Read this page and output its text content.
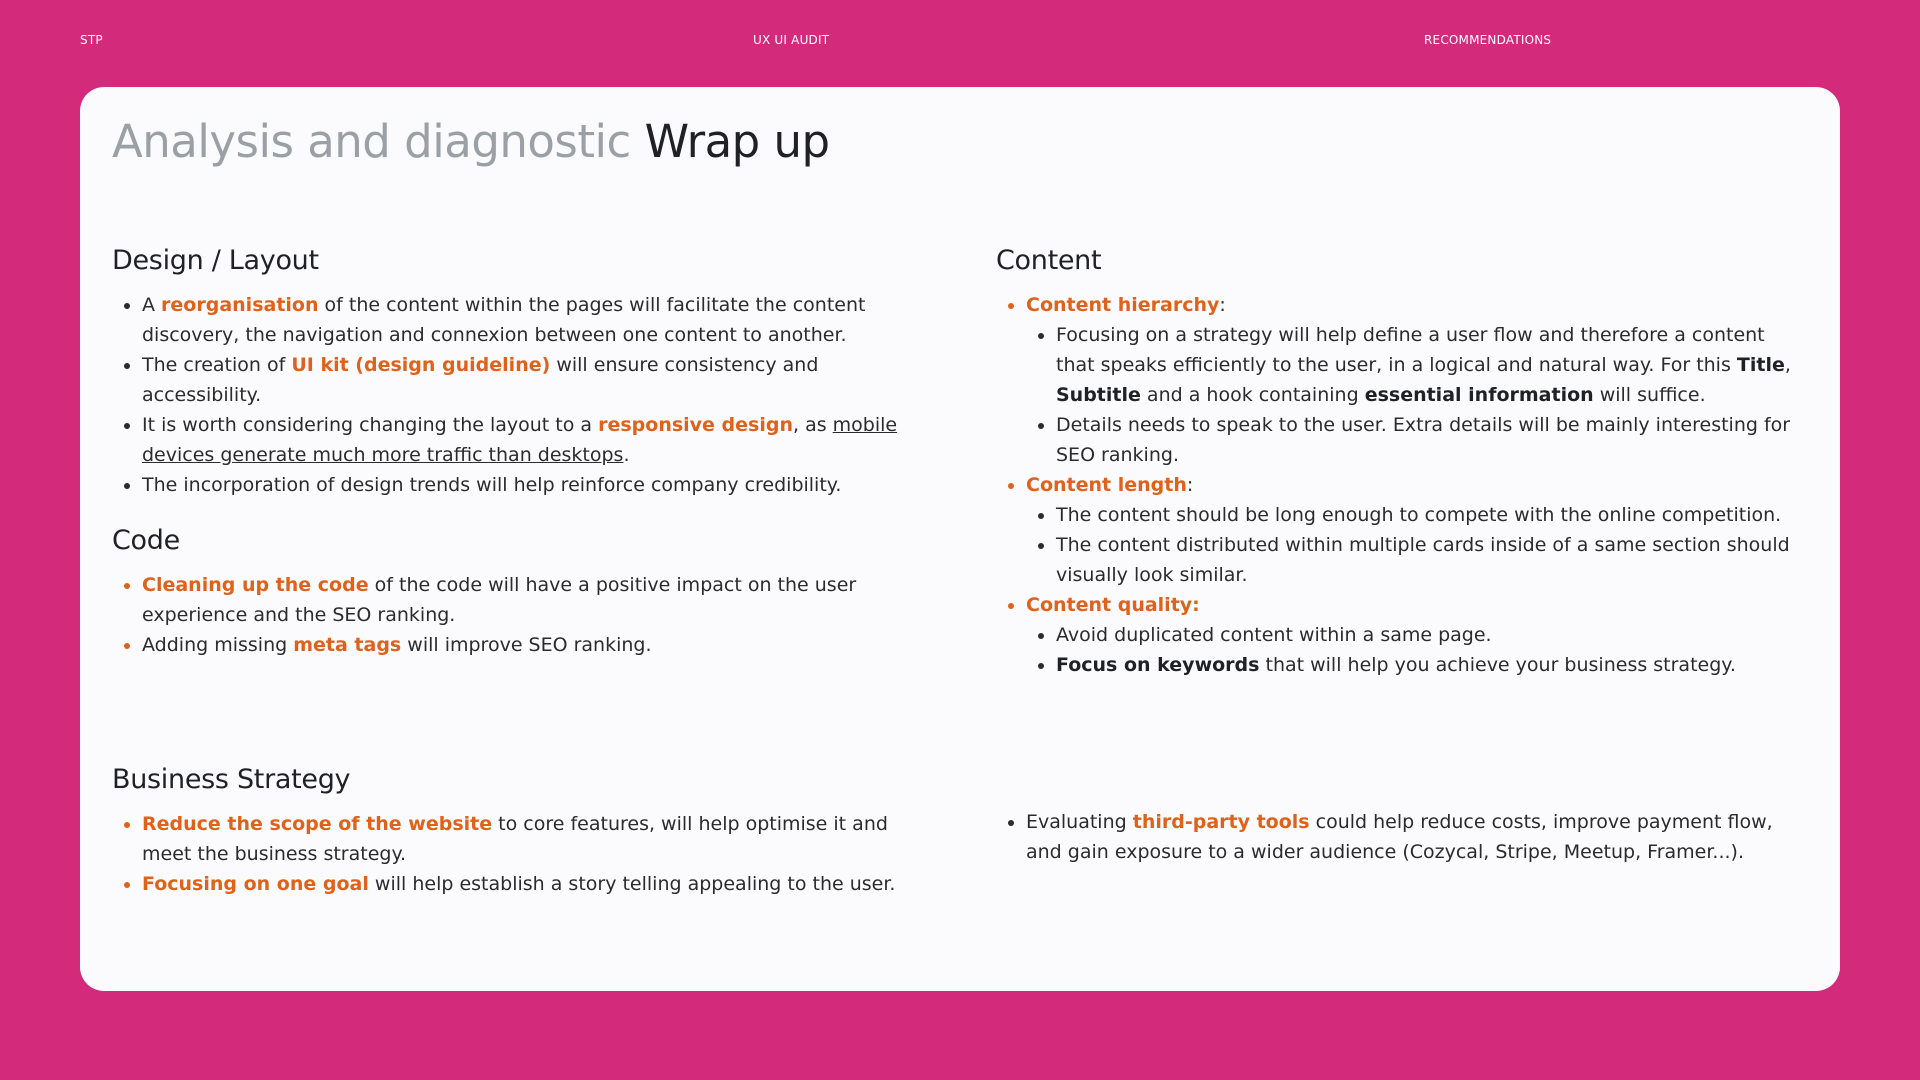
STP	UX UI AUDIT	RECOMMENDATIONS
Analysis and diagnostic Wrap up
Design / Layout
• A reorganisation of the content within the pages will facilitate the content discovery, the navigation and connexion between one content to another.
• The creation of UI kit (design guideline) will ensure consistency and accessibility.
• It is worth considering changing the layout to a responsive design, as mobile devices generate much more traffic than desktops.
• The incorporation of design trends will help reinforce company credibility.
Code
• Cleaning up the code of the code will have a positive impact on the user experience and the SEO ranking.
• Adding missing meta tags will improve SEO ranking.
Business Strategy
• Reduce the scope of the website to core features, will help optimise it and meet the business strategy.
• Focusing on one goal will help establish a story telling appealing to the user.
Content
• Content hierarchy:
• Focusing on a strategy will help define a user flow and therefore a content that speaks efficiently to the user, in a logical and natural way. For this Title, Subtitle and a hook containing essential information will suffice.
• Details needs to speak to the user. Extra details will be mainly interesting for SEO ranking.
• Content length:
• The content should be long enough to compete with the online competition.
• The content distributed within multiple cards inside of a same section should visually look similar.
• Content quality:
• Avoid duplicated content within a same page.
• Focus on keywords that will help you achieve your business strategy.
• Evaluating third-party tools could help reduce costs, improve payment flow, and gain exposure to a wider audience (Cozycal, Stripe, Meetup, Framer...).
